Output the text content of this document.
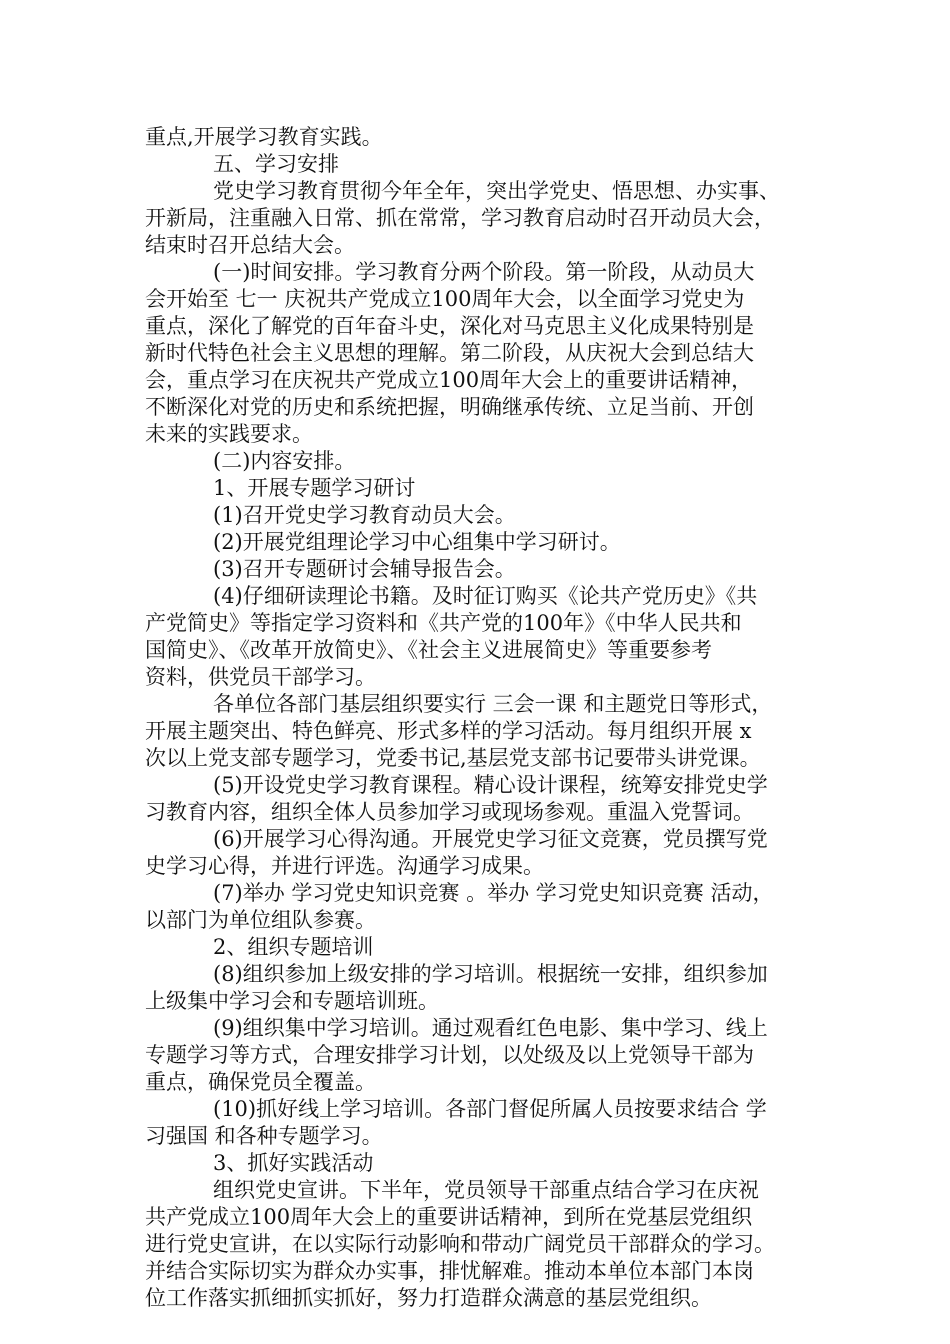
重点,开展学习教育实践。
五、学习安排
党史学习教育贯彻今年全年，突出学党史、悟思想、办实事、
开新局，注重融入日常、抓在常常，学习教育启动时召开动员大会，
结束时召开总结大会。
(一)时间安排。学习教育分两个阶段。第一阶段，从动员大
会开始至 七一 庆祝共产党成立100周年大会，以全面学习党史为
重点，深化了解党的百年奋斗史，深化对马克思主义化成果特别是
新时代特色社会主义思想的理解。第二阶段，从庆祝大会到总结大
会，重点学习在庆祝共产党成立100周年大会上的重要讲话精神，
不断深化对党的历史和系统把握，明确继承传统、立足当前、开创
未来的实践要求。
(二)内容安排。
1、开展专题学习研讨
(1)召开党史学习教育动员大会。
(2)开展党组理论学习中心组集中学习研讨。
(3)召开专题研讨会辅导报告会。
(4)仔细研读理论书籍。及时征订购买《论共产党历史》《共
产党简史》等指定学习资料和《共产党的100年》《中华人民共和
国简史》、《改革开放简史》、《社会主义进展简史》等重要参考
资料，供党员干部学习。
各单位各部门基层组织要实行 三会一课 和主题党日等形式，
开展主题突出、特色鲜亮、形式多样的学习活动。每月组织开展 x
次以上党支部专题学习，党委书记,基层党支部书记要带头讲党课。
(5)开设党史学习教育课程。精心设计课程，统筹安排党史学
习教育内容，组织全体人员参加学习或现场参观。重温入党誓词。
(6)开展学习心得沟通。开展党史学习征文竞赛，党员撰写党
史学习心得，并进行评选。沟通学习成果。
(7)举办 学习党史知识竞赛 。举办 学习党史知识竞赛 活动，
以部门为单位组队参赛。
2、组织专题培训
(8)组织参加上级安排的学习培训。根据统一安排，组织参加
上级集中学习会和专题培训班。
(9)组织集中学习培训。通过观看红色电影、集中学习、线上
专题学习等方式，合理安排学习计划，以处级及以上党领导干部为
重点，确保党员全覆盖。
(10)抓好线上学习培训。各部门督促所属人员按要求结合 学
习强国 和各种专题学习。
3、抓好实践活动
组织党史宣讲。下半年，党员领导干部重点结合学习在庆祝
共产党成立100周年大会上的重要讲话精神，到所在党基层党组织
进行党史宣讲，在以实际行动影响和带动广阔党员干部群众的学习。
并结合实际切实为群众办实事，排忧解难。推动本单位本部门本岗
位工作落实抓细抓实抓好，努力打造群众满意的基层党组织。
